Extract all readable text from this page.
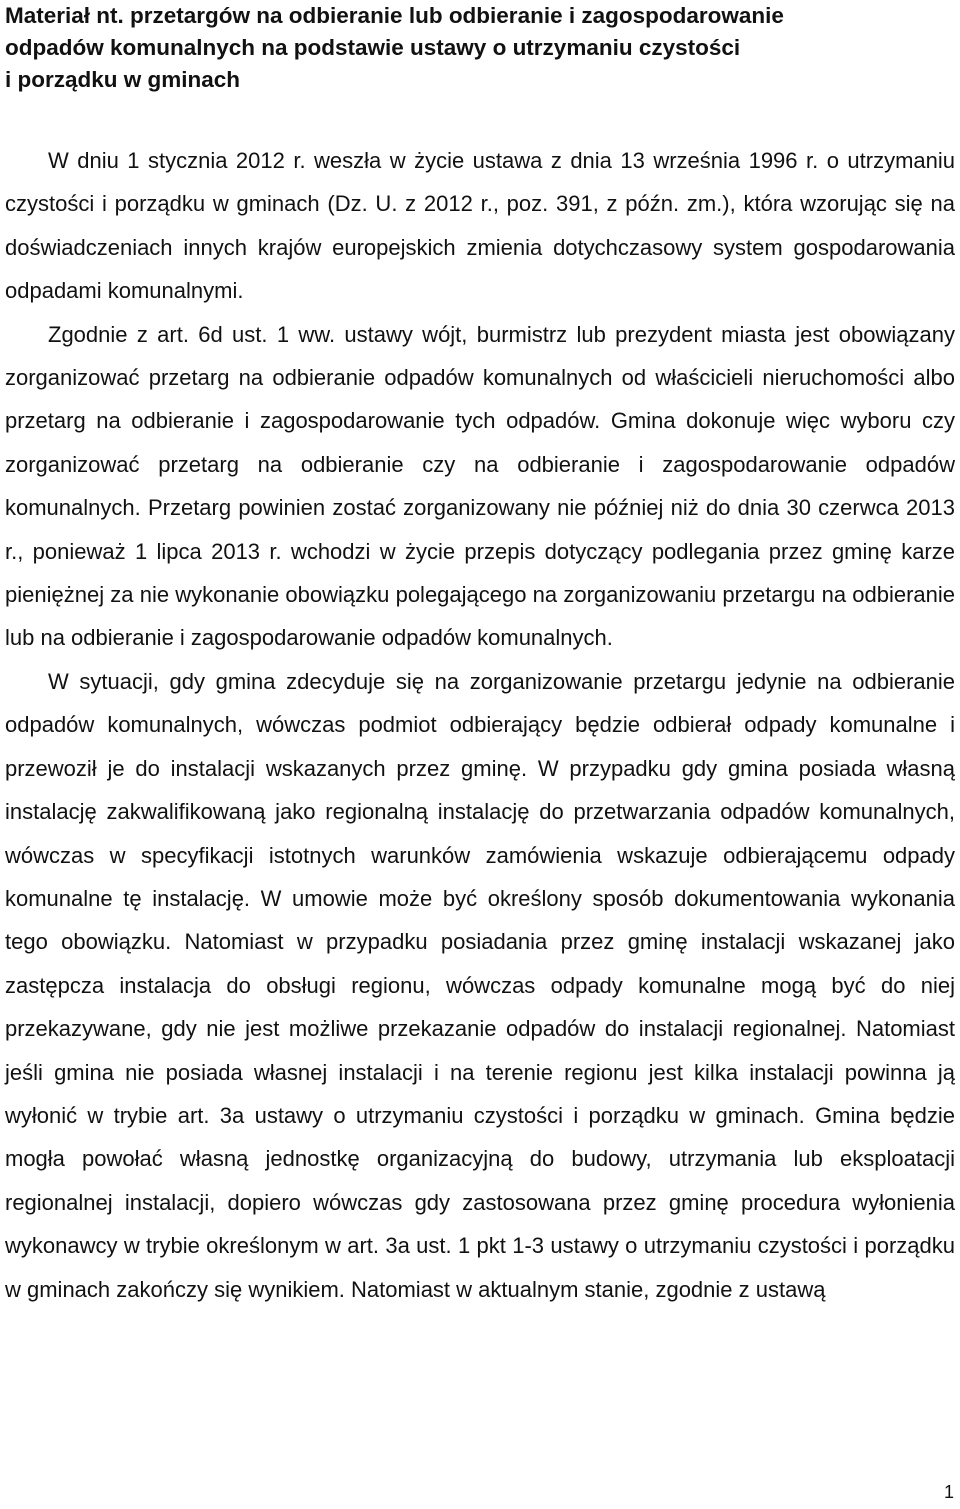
Materiał nt. przetargów na odbieranie lub odbieranie i zagospodarowanie
odpadów komunalnych na podstawie ustawy o utrzymaniu czystości
i porządku w gminach

W dniu 1 stycznia 2012 r. weszła w życie ustawa z dnia 13 września 1996 r. o utrzymaniu czystości i porządku w gminach (Dz. U. z 2012 r., poz. 391, z późn. zm.), która wzorując się na doświadczeniach innych krajów europejskich zmienia dotychczasowy system gospodarowania odpadami komunalnymi.

Zgodnie z art. 6d ust. 1 ww. ustawy wójt, burmistrz lub prezydent miasta jest obowiązany zorganizować przetarg na odbieranie odpadów komunalnych od właścicieli nieruchomości albo przetarg na odbieranie i zagospodarowanie tych odpadów. Gmina dokonuje więc wyboru czy zorganizować przetarg na odbieranie czy na odbieranie i zagospodarowanie odpadów komunalnych. Przetarg powinien zostać zorganizowany nie później niż do dnia 30 czerwca 2013 r., ponieważ 1 lipca 2013 r. wchodzi w życie przepis dotyczący podlegania przez gminę karze pieniężnej za nie wykonanie obowiązku polegającego na zorganizowaniu przetargu na odbieranie lub na odbieranie i zagospodarowanie odpadów komunalnych.

W sytuacji, gdy gmina zdecyduje się na zorganizowanie przetargu jedynie na odbieranie odpadów komunalnych, wówczas podmiot odbierający będzie odbierał odpady komunalne i przewoził je do instalacji wskazanych przez gminę. W przypadku gdy gmina posiada własną instalację zakwalifikowaną jako regionalną instalację do przetwarzania odpadów komunalnych, wówczas w specyfikacji istotnych warunków zamówienia wskazuje odbierającemu odpady komunalne tę instalację. W umowie może być określony sposób dokumentowania wykonania tego obowiązku. Natomiast w przypadku posiadania przez gminę instalacji wskazanej jako zastępcza instalacja do obsługi regionu, wówczas odpady komunalne mogą być do niej przekazywane, gdy nie jest możliwe przekazanie odpadów do instalacji regionalnej. Natomiast jeśli gmina nie posiada własnej instalacji i na terenie regionu jest kilka instalacji powinna ją wyłonić w trybie art. 3a ustawy o utrzymaniu czystości i porządku w gminach. Gmina będzie mogła powołać własną jednostkę organizacyjną do budowy, utrzymania lub eksploatacji regionalnej instalacji, dopiero wówczas gdy zastosowana przez gminę procedura wyłonienia wykonawcy w trybie określonym w art. 3a ust. 1 pkt 1-3 ustawy o utrzymaniu czystości i porządku w gminach zakończy się wynikiem. Natomiast w aktualnym stanie, zgodnie z ustawą

1
